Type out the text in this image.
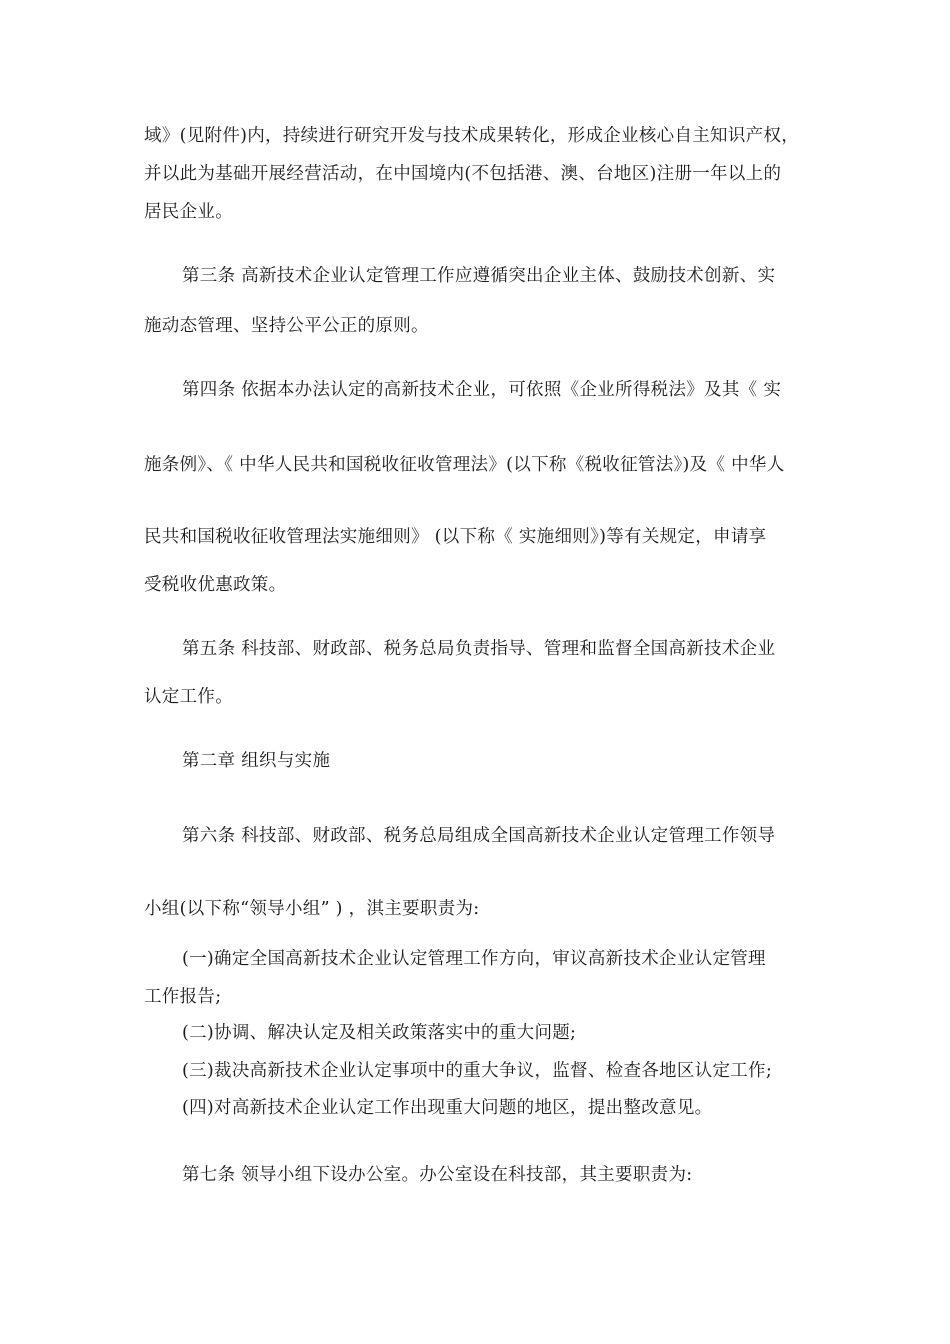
域》(见附件)内，持续进行研究开发与技术成果转化，形成企业核心自主知识产权，
并以此为基础开展经营活动，在中国境内(不包括港、澳、台地区)注册一年以上的
居民企业。
第三条 高新技术企业认定管理工作应遵循突出企业主体、鼓励技术创新、实
施动态管理、坚持公平公正的原则。
第四条 依据本办法认定的高新技术企业，可依照《企业所得税法》及其《 实
施条例》、《 中华人民共和国税收征收管理法》(以下称《税收征管法》)及《 中华人
民共和国税收征收管理法实施细则》 (以下称《 实施细则》)等有关规定，申请享
受税收优惠政策。
第五条 科技部、财政部、税务总局负责指导、管理和监督全国高新技术企业
认定工作。
第二章 组织与实施
第六条 科技部、财政部、税务总局组成全国高新技术企业认定管理工作领导
小组(以下称“领导小组” ) ，淇主要职责为:
(一)确定全国高新技术企业认定管理工作方向，审议高新技术企业认定管理
工作报告;
(二)协调、解决认定及相关政策落实中的重大问题;
(三)裁决高新技术企业认定事项中的重大争议，监督、检查各地区认定工作;
(四)对高新技术企业认定工作出现重大问题的地区，提出整改意见。
第七条 领导小组下设办公室。办公室设在科技部，其主要职责为:
